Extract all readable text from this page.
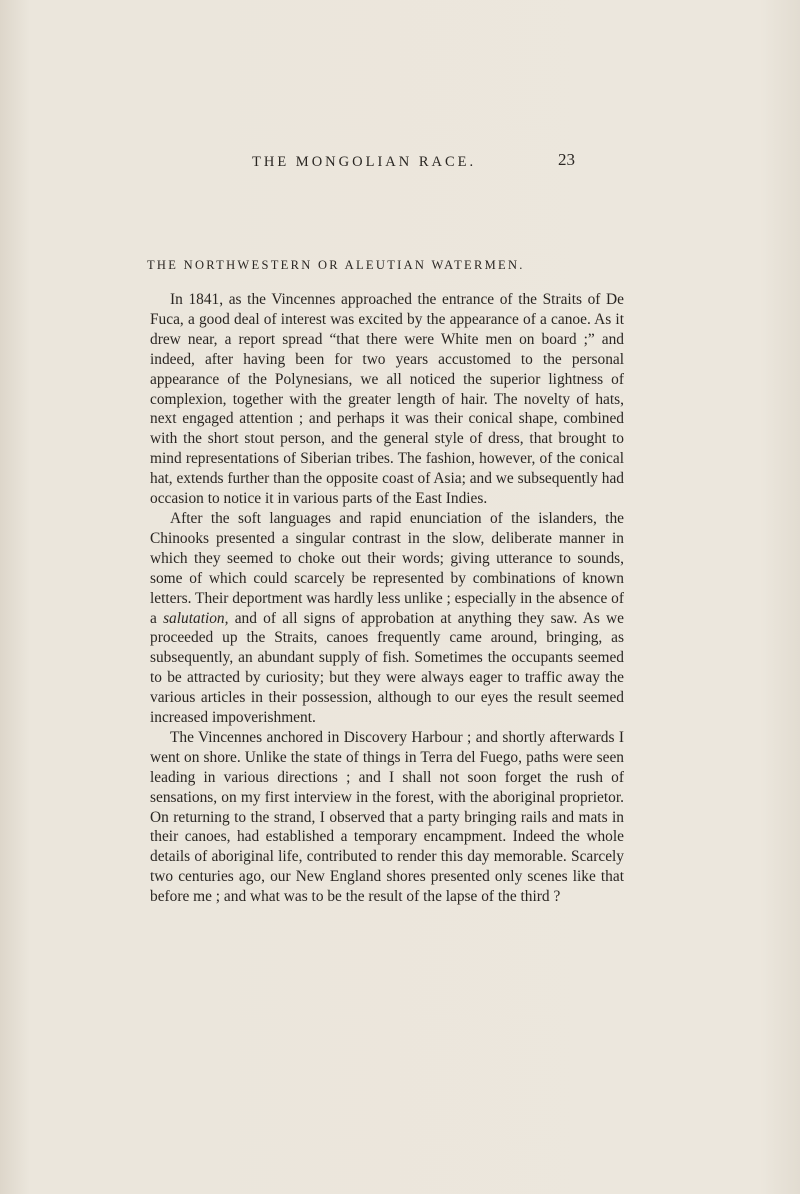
THE MONGOLIAN RACE.	23
THE NORTHWESTERN OR ALEUTIAN WATERMEN.

In 1841, as the Vincennes approached the entrance of the Straits of De Fuca, a good deal of interest was excited by the appearance of a canoe. As it drew near, a report spread “that there were White men on board ;” and indeed, after having been for two years accustomed to the personal appearance of the Polynesians, we all noticed the superior lightness of complexion, together with the greater length of hair. The novelty of hats, next engaged attention ; and perhaps it was their conical shape, combined with the short stout person, and the general style of dress, that brought to mind representations of Siberian tribes. The fashion, however, of the conical hat, extends further than the opposite coast of Asia; and we subsequently had occasion to notice it in various parts of the East Indies.

After the soft languages and rapid enunciation of the islanders, the Chinooks presented a singular contrast in the slow, deliberate manner in which they seemed to choke out their words; giving utterance to sounds, some of which could scarcely be represented by combinations of known letters. Their deportment was hardly less unlike ; especially in the absence of a salutation, and of all signs of approbation at anything they saw. As we proceeded up the Straits, canoes frequently came around, bringing, as subsequently, an abundant supply of fish. Sometimes the occupants seemed to be attracted by curiosity; but they were always eager to traffic away the various articles in their possession, although to our eyes the result seemed increased impoverishment.

The Vincennes anchored in Discovery Harbour ; and shortly afterwards I went on shore. Unlike the state of things in Terra del Fuego, paths were seen leading in various directions ; and I shall not soon forget the rush of sensations, on my first interview in the forest, with the aboriginal proprietor. On returning to the strand, I observed that a party bringing rails and mats in their canoes, had established a temporary encampment. Indeed the whole details of aboriginal life, contributed to render this day memorable. Scarcely two centuries ago, our New England shores presented only scenes like that before me ; and what was to be the result of the lapse of the third ?
